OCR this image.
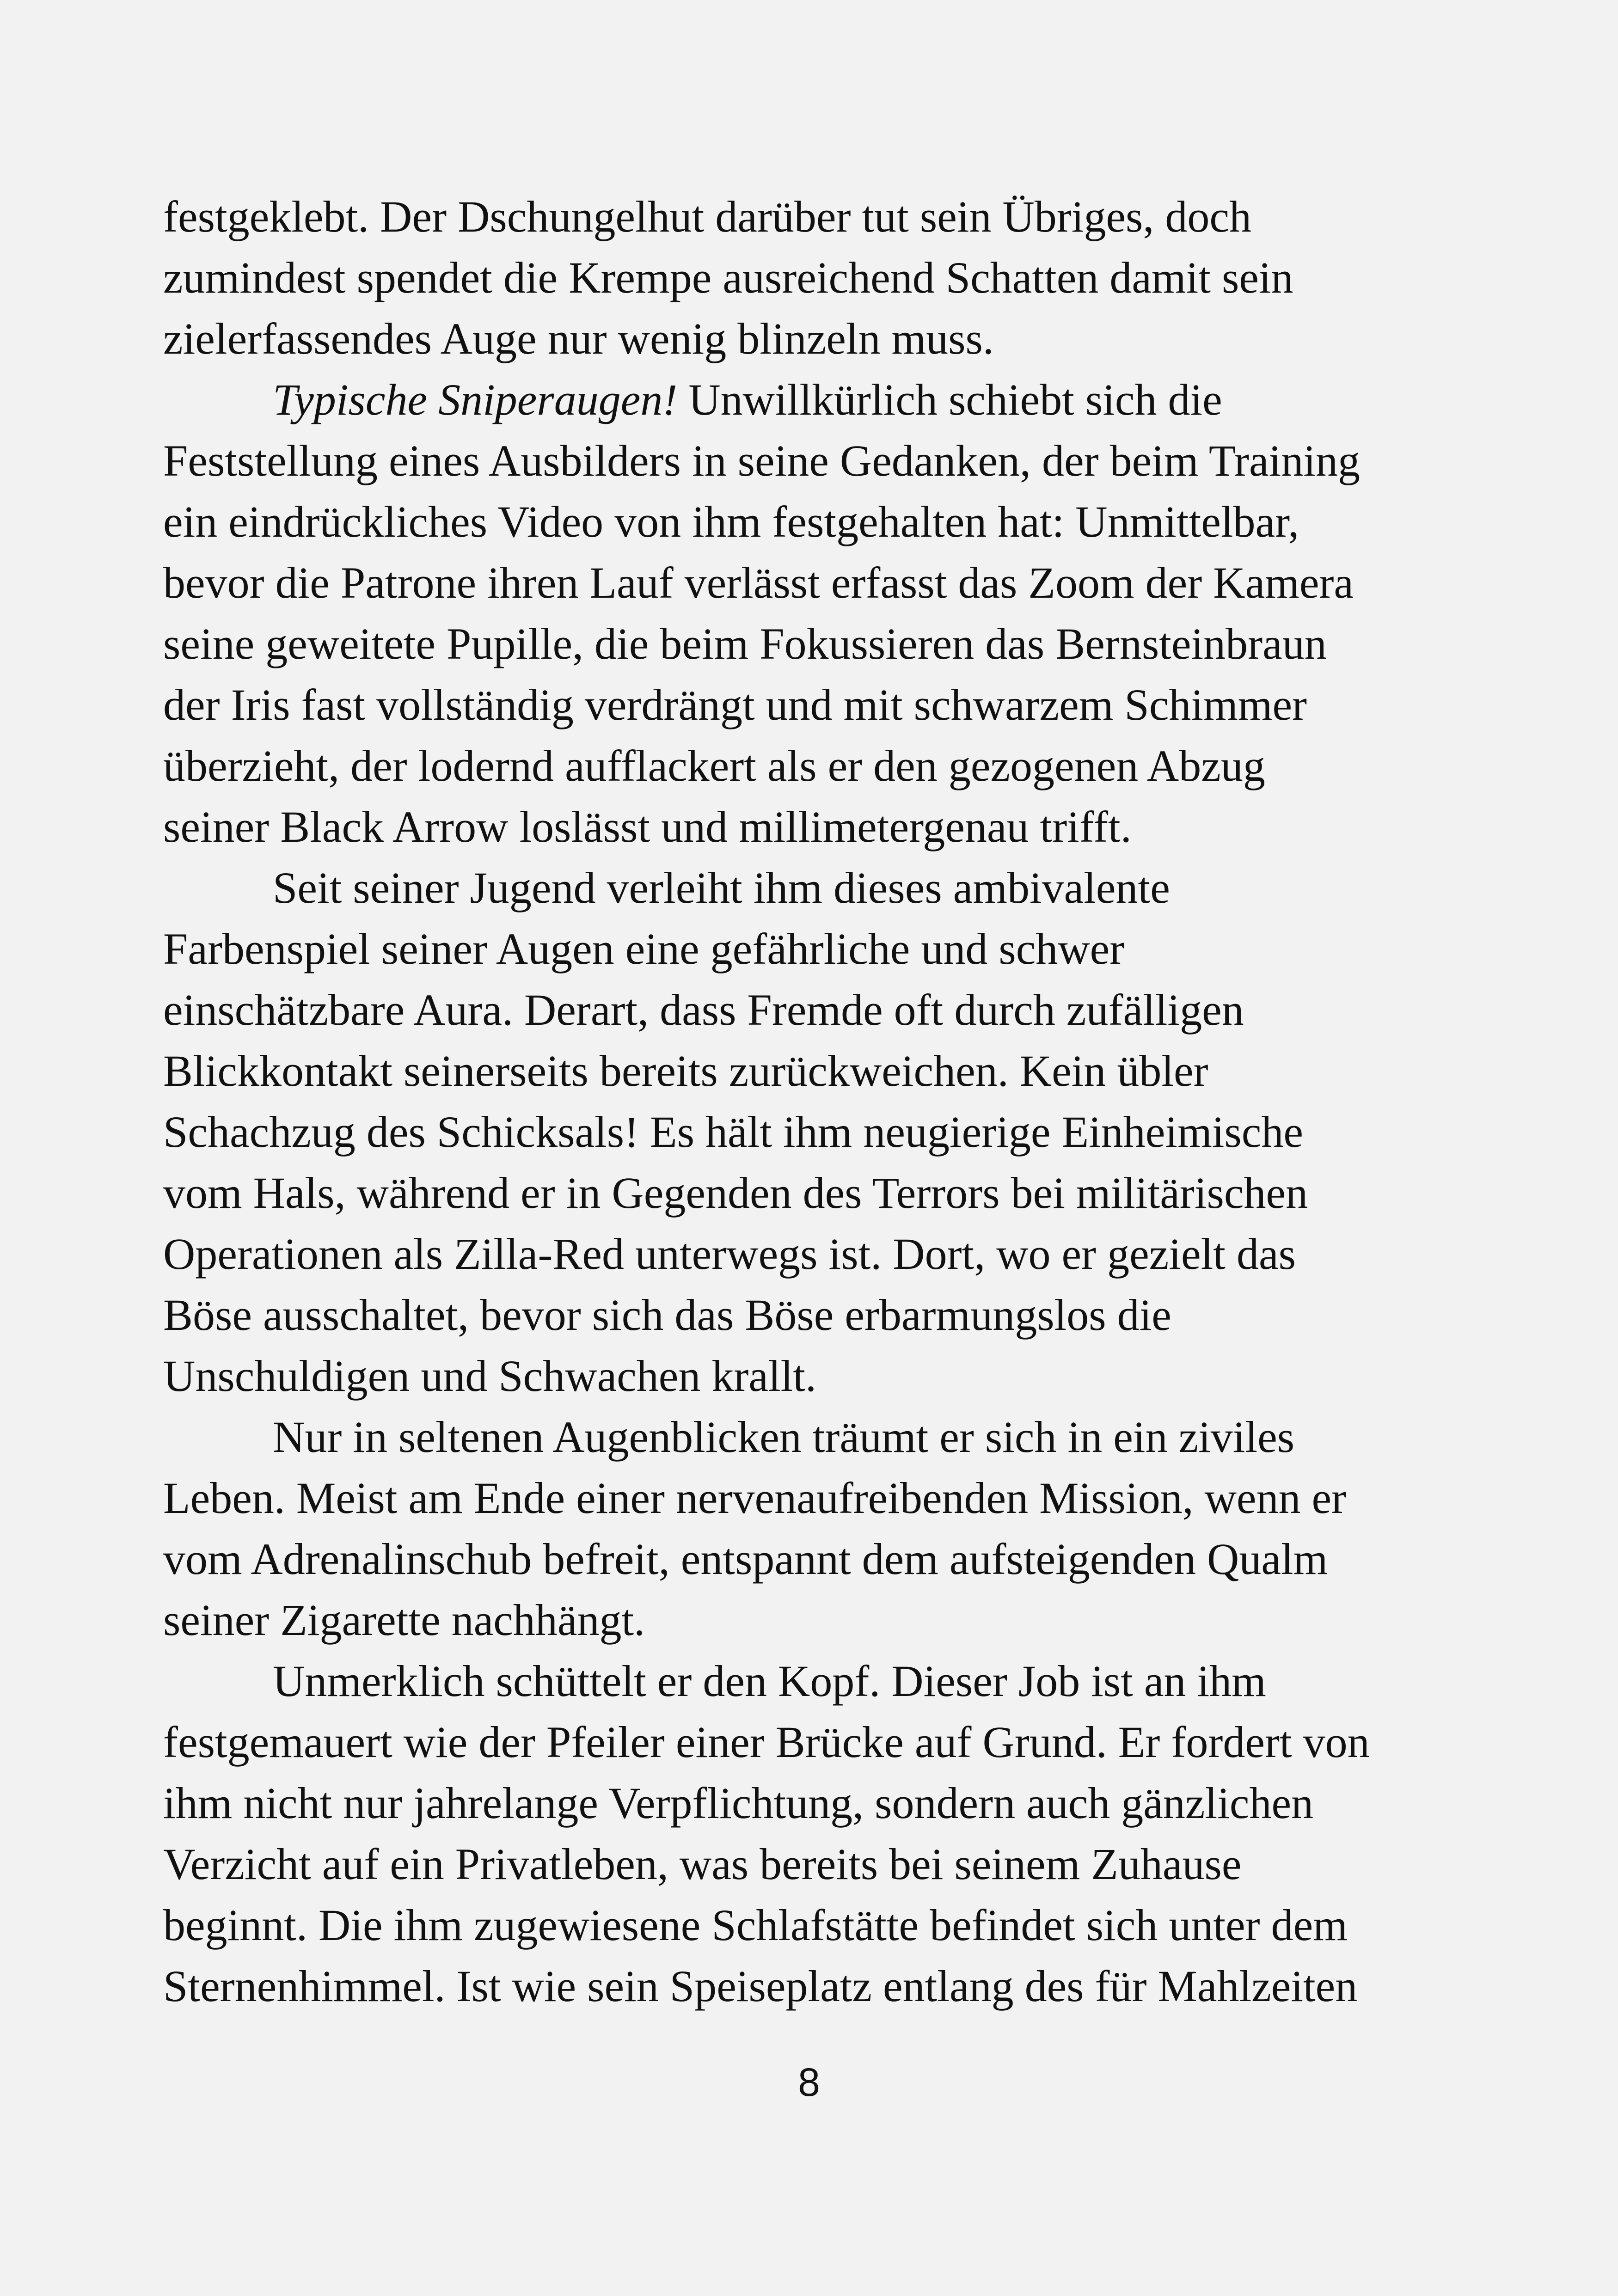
festgeklebt. Der Dschungelhut darüber tut sein Übriges, doch
zumindest spendet die Krempe ausreichend Schatten damit sein
zielerfassendes Auge nur wenig blinzeln muss.
Typische Sniperaugen! Unwillkürlich schiebt sich die
Feststellung eines Ausbilders in seine Gedanken, der beim Training
ein eindrückliches Video von ihm festgehalten hat: Unmittelbar,
bevor die Patrone ihren Lauf verlässt erfasst das Zoom der Kamera
seine geweitete Pupille, die beim Fokussieren das Bernsteinbraun
der Iris fast vollständig verdrängt und mit schwarzem Schimmer
überzieht, der lodernd aufflackert als er den gezogenen Abzug
seiner Black Arrow loslässt und millimetergenau trifft.
Seit seiner Jugend verleiht ihm dieses ambivalente
Farbenspiel seiner Augen eine gefährliche und schwer
einschätzbare Aura. Derart, dass Fremde oft durch zufälligen
Blickkontakt seinerseits bereits zurückweichen. Kein übler
Schachzug des Schicksals! Es hält ihm neugierige Einheimische
vom Hals, während er in Gegenden des Terrors bei militärischen
Operationen als Zilla-Red unterwegs ist. Dort, wo er gezielt das
Böse ausschaltet, bevor sich das Böse erbarmungslos die
Unschuldigen und Schwachen krallt.
Nur in seltenen Augenblicken träumt er sich in ein ziviles
Leben. Meist am Ende einer nervenaufreibenden Mission, wenn er
vom Adrenalinschub befreit, entspannt dem aufsteigenden Qualm
seiner Zigarette nachhängt.
Unmerklich schüttelt er den Kopf. Dieser Job ist an ihm
festgemauert wie der Pfeiler einer Brücke auf Grund. Er fordert von
ihm nicht nur jahrelange Verpflichtung, sondern auch gänzlichen
Verzicht auf ein Privatleben, was bereits bei seinem Zuhause
beginnt. Die ihm zugewiesene Schlafstätte befindet sich unter dem
Sternenhimmel. Ist wie sein Speiseplatz entlang des für Mahlzeiten
8
